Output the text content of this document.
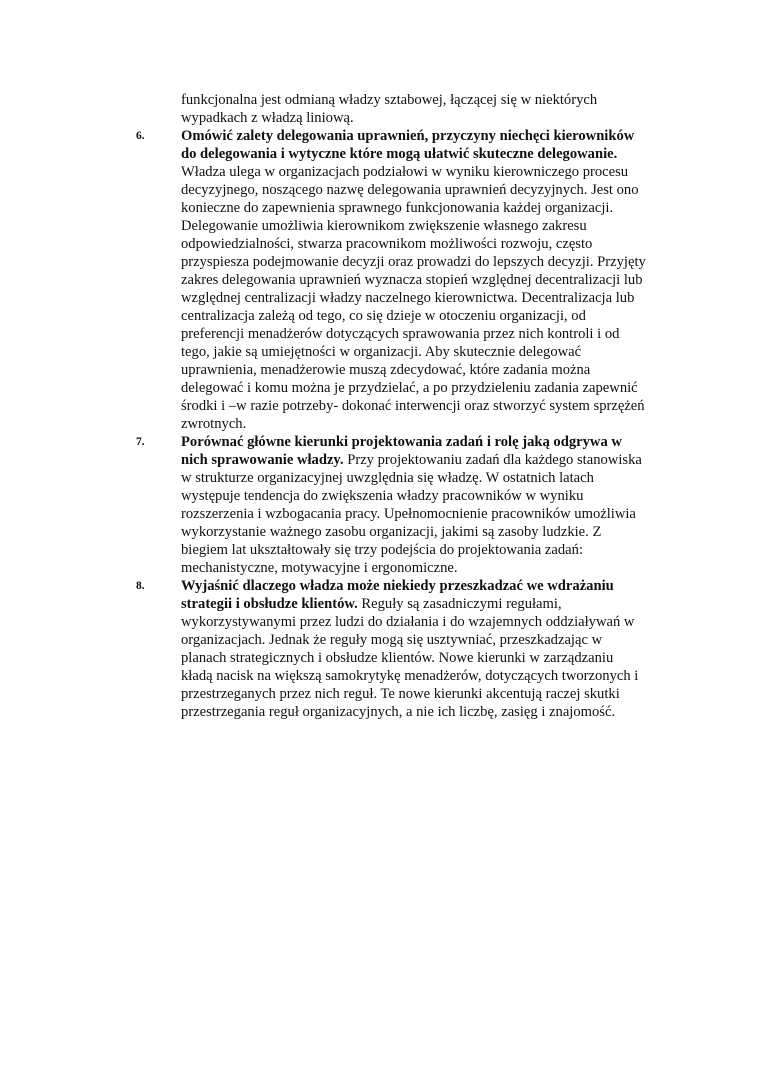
funkcjonalna jest odmianą władzy sztabowej, łączącej się w niektórych
wypadkach z władzą liniową.
6. Omówić zalety delegowania uprawnień, przyczyny niechęci kierowników
do delegowania i wytyczne które mogą ułatwić skuteczne delegowanie.
Władza ulega w organizacjach podziałowi w wyniku kierowniczego procesu
decyzyjnego, noszącego nazwę delegowania uprawnień decyzyjnych. Jest ono
konieczne do zapewnienia sprawnego funkcjonowania każdej organizacji.
Delegowanie umożliwia kierownikom zwiększenie własnego zakresu
odpowiedzialności, stwarza pracownikom możliwości rozwoju, często
przyspiesza podejmowanie decyzji oraz prowadzi do lepszych decyzji. Przyjęty
zakres delegowania uprawnień wyznacza stopień względnej decentralizacji lub
względnej centralizacji władzy naczelnego kierownictwa. Decentralizacja lub
centralizacja zależą od tego, co się dzieje w otoczeniu organizacji, od
preferencji menadżerów dotyczących sprawowania przez nich kontroli i od
tego, jakie są umiejętności w organizacji. Aby skutecznie delegować
uprawnienia, menadżerowie muszą zdecydować, które zadania można
delegować i komu można je przydzielać, a po przydzieleniu zadania zapewnić
środki i –w razie potrzeby- dokonać interwencji oraz stworzyć system sprzężeń
zwrotnych.
7. Porównać główne kierunki projektowania zadań i rolę jaką odgrywa w
nich sprawowanie władzy. Przy projektowaniu zadań dla każdego stanowiska
w strukturze organizacyjnej uwzględnia się władzę. W ostatnich latach
występuje tendencja do zwiększenia władzy pracowników w wyniku
rozszerzenia i wzbogacania pracy. Upełnomocnienie pracowników umożliwia
wykorzystanie ważnego zasobu organizacji, jakimi są zasoby ludzkie. Z
biegiem lat ukształtowały się trzy podejścia do projektowania zadań:
mechanistyczne, motywacyjne i ergonomiczne.
8. Wyjaśnić dlaczego władza może niekiedy przeszkadzać we wdrażaniu
strategii i obsłudze klientów. Reguły są zasadniczymi regułami,
wykorzystywanymi przez ludzi do działania i do wzajemnych oddziaływań w
organizacjach. Jednak że reguły mogą się usztywniać, przeszkadzając w
planach strategicznych i obsłudze klientów. Nowe kierunki w zarządzaniu
kładą nacisk na większą samokrytykę menadżerów, dotyczących tworzonych i
przestrzeganych przez nich reguł. Te nowe kierunki akcentują raczej skutki
przestrzegania reguł organizacyjnych, a nie ich liczbę, zasięg i znajomość.
